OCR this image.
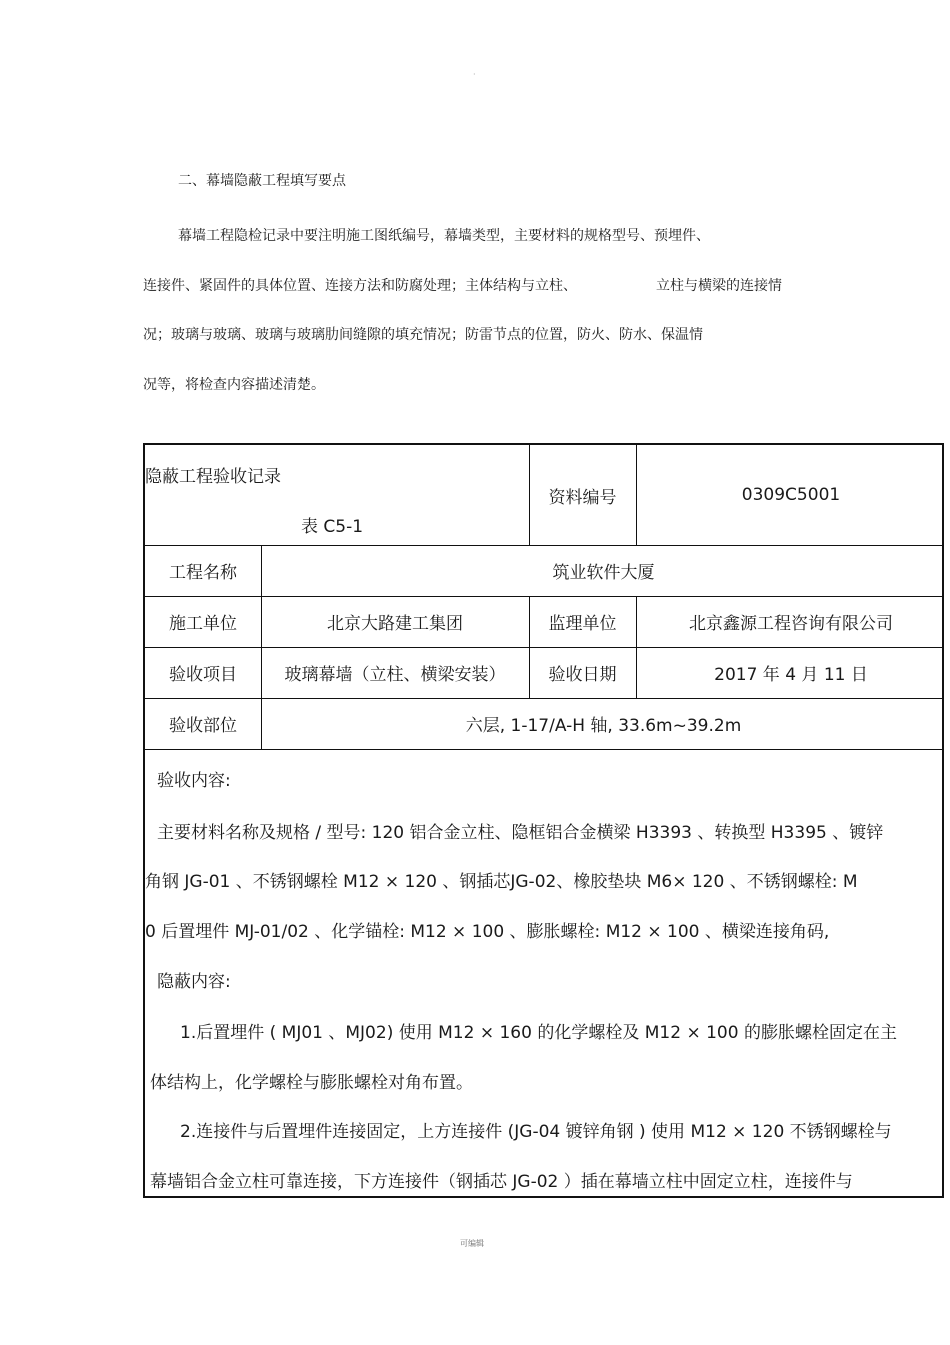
·
二、幕墙隐蔽工程填写要点
幕墙工程隐检记录中要注明施工图纸编号，幕墙类型，主要材料的规格型号、预埋件、
连接件、紧固件的具体位置、连接方法和防腐处理；主体结构与立柱、	立柱与横梁的连接情
况；玻璃与玻璃、玻璃与玻璃肋间缝隙的填充情况；防雷节点的位置，防火、防水、保温情
况等，将检查内容描述清楚。
隐蔽工程验收记录
表 C5-1
资料编号	0309C5001
工程名称	筑业软件大厦
施工单位	北京大路建工集团	监理单位	北京鑫源工程咨询有限公司
验收项目	玻璃幕墙（立柱、横梁安装）	验收日期	2017 年 4 月 11 日
验收部位	六层, 1-17/A-H 轴, 33.6m~39.2m
验收内容:
主要材料名称及规格 / 型号: 120 铝合金立柱、隐框铝合金横梁 H3393 、转换型 H3395 、镀锌
角钢 JG-01 、不锈钢螺栓 M12 × 120 、钢插芯JG-02、橡胶垫块 M6× 120 、不锈钢螺栓: M
0 后置埋件 MJ-01/02 、化学锚栓: M12 × 100 、膨胀螺栓: M12 × 100 、横梁连接角码,
隐蔽内容:
1.后置埋件 ( MJ01 、MJ02) 使用 M12 × 160 的化学螺栓及 M12 × 100 的膨胀螺栓固定在主
体结构上，化学螺栓与膨胀螺栓对角布置。
2.连接件与后置埋件连接固定，上方连接件 (JG-04 镀锌角钢 ) 使用 M12 × 120 不锈钢螺栓与
幕墙铝合金立柱可靠连接，下方连接件（钢插芯 JG-02 ）插在幕墙立柱中固定立柱，连接件与
可编辑
